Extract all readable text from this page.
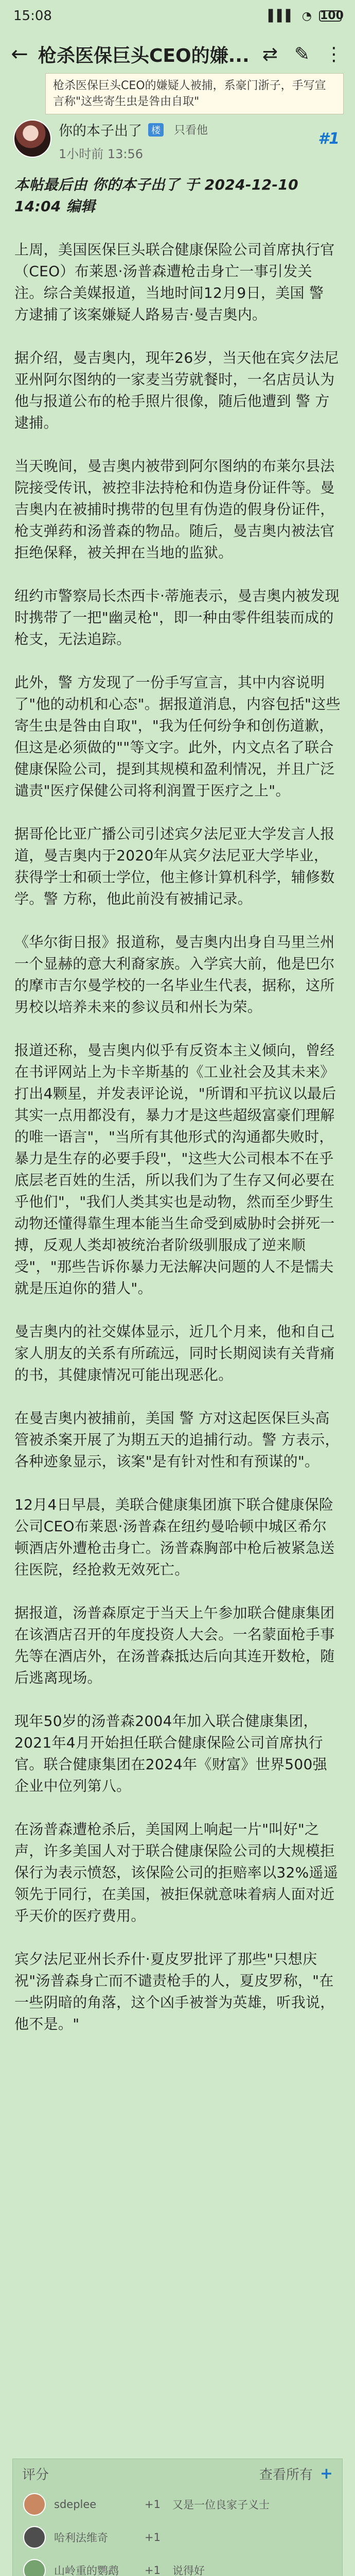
15:08	▌▌▌ ◔ 100
← 枪杀医保巨头CEO的嫌... ⇄ ✎ ⋮
枪杀医保巨头CEO的嫌疑人被捕，系豪门浙子，手写宣言称"这些寄生虫是咎由自取"
你的本子出了	楼 只看他
1小时前 13:56
#1

本帖最后由 你的本子出了 于 2024-12-10 14:04 编辑

上周，美国医保巨头联合健康保险公司首席执行官（CEO）布莱恩·汤普森遭枪击身亡一事引发关注。综合美媒报道，当地时间12月9日，美国 警 方逮捕了该案嫌疑人路易吉·曼吉奥内。

据介绍，曼吉奥内，现年26岁，当天他在宾夕法尼亚州阿尔图纳的一家麦当劳就餐时，一名店员认为他与报道公布的枪手照片很像，随后他遭到 警 方逮捕。

当天晚间，曼吉奥内被带到阿尔图纳的布莱尔县法院接受传讯，被控非法持枪和伪造身份证件等。曼吉奥内在被捕时携带的包里有伪造的假身份证件，枪支弹药和汤普森的物品。随后，曼吉奥内被法官拒绝保释，被关押在当地的监狱。

纽约市警察局长杰西卡·蒂施表示，曼吉奥内被发现时携带了一把"幽灵枪"，即一种由零件组装而成的枪支，无法追踪。

此外，警 方发现了一份手写宣言，其中内容说明了"他的动机和心态"。据报道消息，内容包括"这些寄生虫是咎由自取"，"我为任何纷争和创伤道歉，但这是必须做的""等文字。此外，内文点名了联合健康保险公司，提到其规模和盈利情况，并且广泛谴责"医疗保健公司将利润置于医疗之上"。

据哥伦比亚广播公司引述宾夕法尼亚大学发言人报道，曼吉奥内于2020年从宾夕法尼亚大学毕业，获得学士和硕士学位，他主修计算机科学，辅修数学。警 方称，他此前没有被捕记录。

《华尔街日报》报道称，曼吉奥内出身自马里兰州一个显赫的意大利裔家族。入学宾大前，他是巴尔的摩市吉尔曼学校的一名毕业生代表，据称，这所男校以培养未来的参议员和州长为荣。

报道还称，曼吉奥内似乎有反资本主义倾向，曾经在书评网站上为卡辛斯基的《工业社会及其未来》打出4颗星，并发表评论说，"所谓和平抗议以最后其实一点用都没有，暴力才是这些超级富豪们理解的唯一语言"，"当所有其他形式的沟通都失败时，暴力是生存的必要手段"，"这些大公司根本不在乎底层老百姓的生活，所以我们为了生存又何必要在乎他们"，"我们人类其实也是动物，然而至少野生动物还懂得靠生理本能当生命受到威胁时会拼死一搏，反观人类却被统治者阶级驯服成了逆来顺受"，"那些告诉你暴力无法解决问题的人不是懦夫就是压迫你的猎人"。

曼吉奥内的社交媒体显示，近几个月来，他和自己家人朋友的关系有所疏远，同时长期阅读有关背痛的书，其健康情况可能出现恶化。

在曼吉奥内被捕前，美国 警 方对这起医保巨头高管被杀案开展了为期五天的追捕行动。警 方表示，各种迹象显示，该案"是有针对性和有预谋的"。

12月4日早晨，美联合健康集团旗下联合健康保险公司CEO布莱恩·汤普森在纽约曼哈顿中城区希尔顿酒店外遭枪击身亡。汤普森胸部中枪后被紧急送往医院，经抢救无效死亡。

据报道，汤普森原定于当天上午参加联合健康集团在该酒店召开的年度投资人大会。一名蒙面枪手事先等在酒店外，在汤普森抵达后向其连开数枪，随后逃离现场。

现年50岁的汤普森2004年加入联合健康集团，2021年4月开始担任联合健康保险公司首席执行官。联合健康集团在2024年《财富》世界500强企业中位列第八。

在汤普森遭枪杀后，美国网上响起一片"叫好"之声，许多美国人对于联合健康保险公司的大规模拒保行为表示愤怒，该保险公司的拒赔率以32%遥遥领先于同行，在美国，被拒保就意味着病人面对近乎天价的医疗费用。

宾夕法尼亚州长乔什·夏皮罗批评了那些"只想庆祝"汤普森身亡而不谴责枪手的人，夏皮罗称，"在一些阴暗的角落，这个凶手被誉为英雄，听我说，他不是。"

评分	查看所有 +
sdeplee	+1	又是一位良家子义士
哈利法维奇	+1
山岭重的鹦鹉	+1	说得好
